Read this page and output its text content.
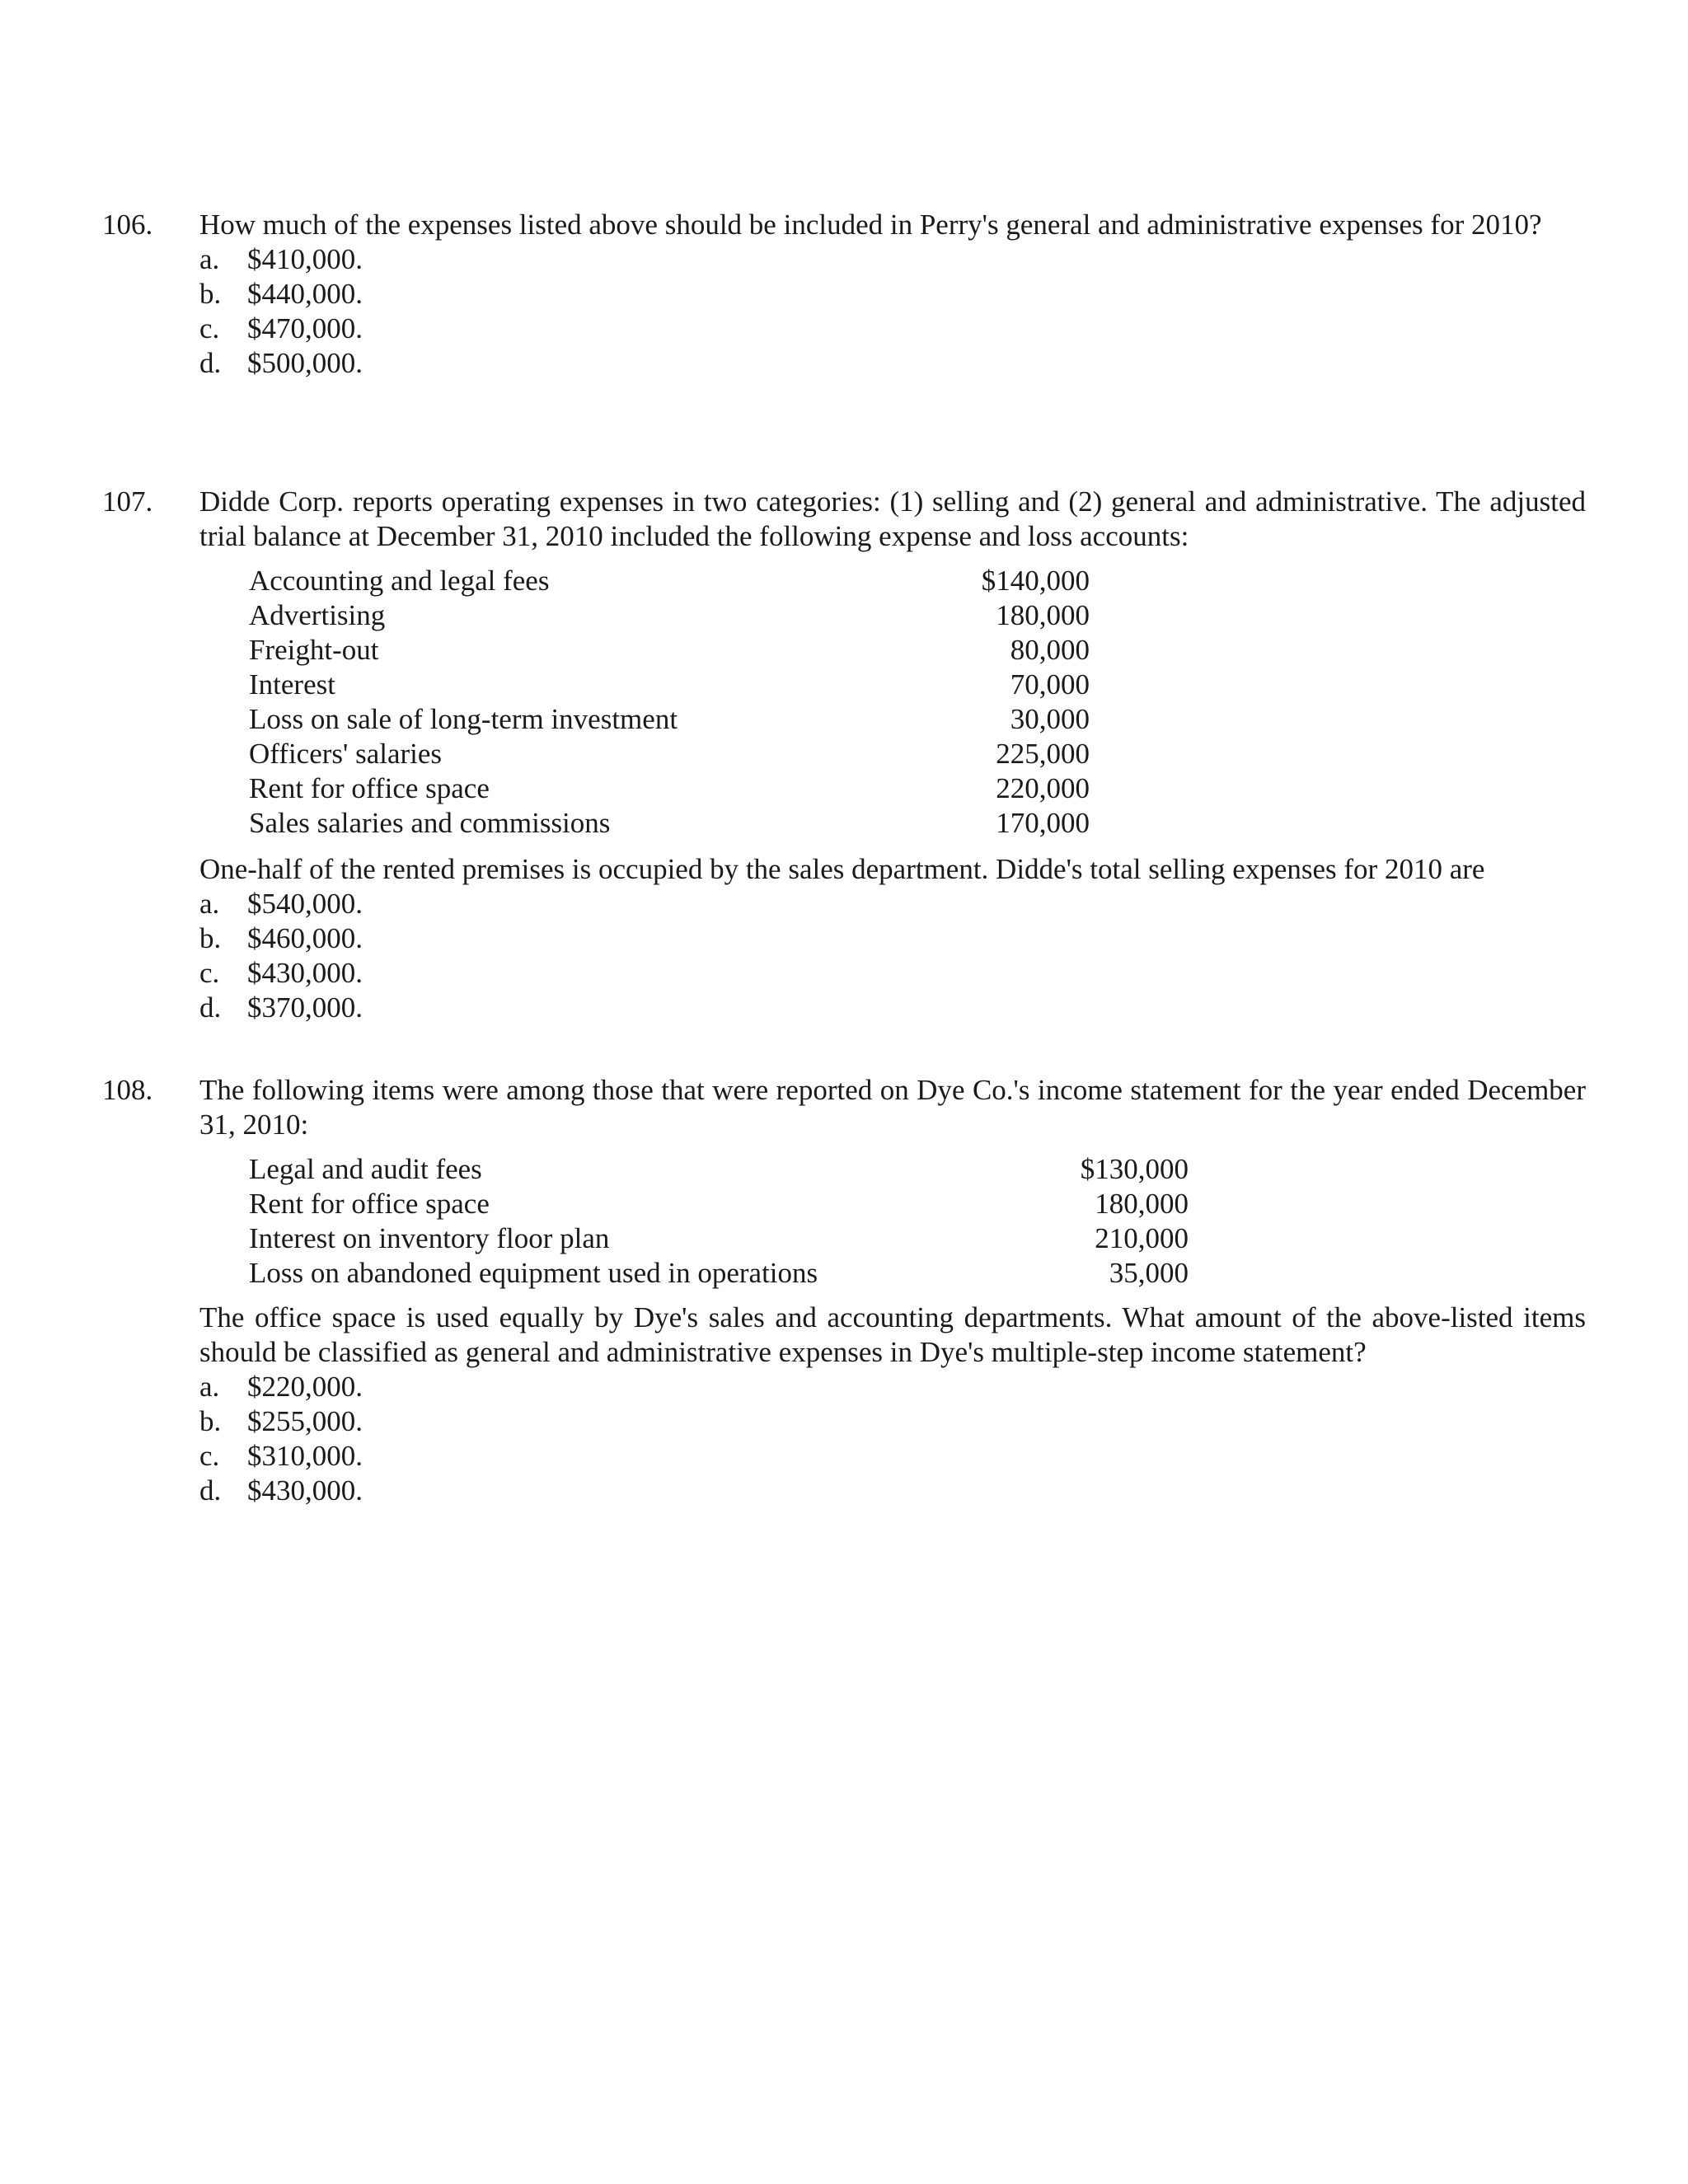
106.	How much of the expenses listed above should be included in Perry's general and administrative expenses for 2010?

a. $410,000.
b. $440,000.
c. $470,000.
d. $500,000.
107.	Didde Corp. reports operating expenses in two categories: (1) selling and (2) general and administrative. The adjusted trial balance at December 31, 2010 included the following expense and loss accounts:

Accounting and legal fees	$140,000
Advertising	180,000
Freight-out	80,000
Interest	70,000
Loss on sale of long-term investment	30,000
Officers' salaries	225,000
Rent for office space	220,000
Sales salaries and commissions	170,000

One-half of the rented premises is occupied by the sales department. Didde's total selling expenses for 2010 are

a. $540,000.
b. $460,000.
c. $430,000.
d. $370,000.
108.	The following items were among those that were reported on Dye Co.'s income statement for the year ended December 31, 2010:

Legal and audit fees	$130,000
Rent for office space	180,000
Interest on inventory floor plan	210,000
Loss on abandoned equipment used in operations	35,000

The office space is used equally by Dye's sales and accounting departments. What amount of the above-listed items should be classified as general and administrative expenses in Dye's multiple-step income statement?

a. $220,000.
b. $255,000.
c. $310,000.
d. $430,000.
